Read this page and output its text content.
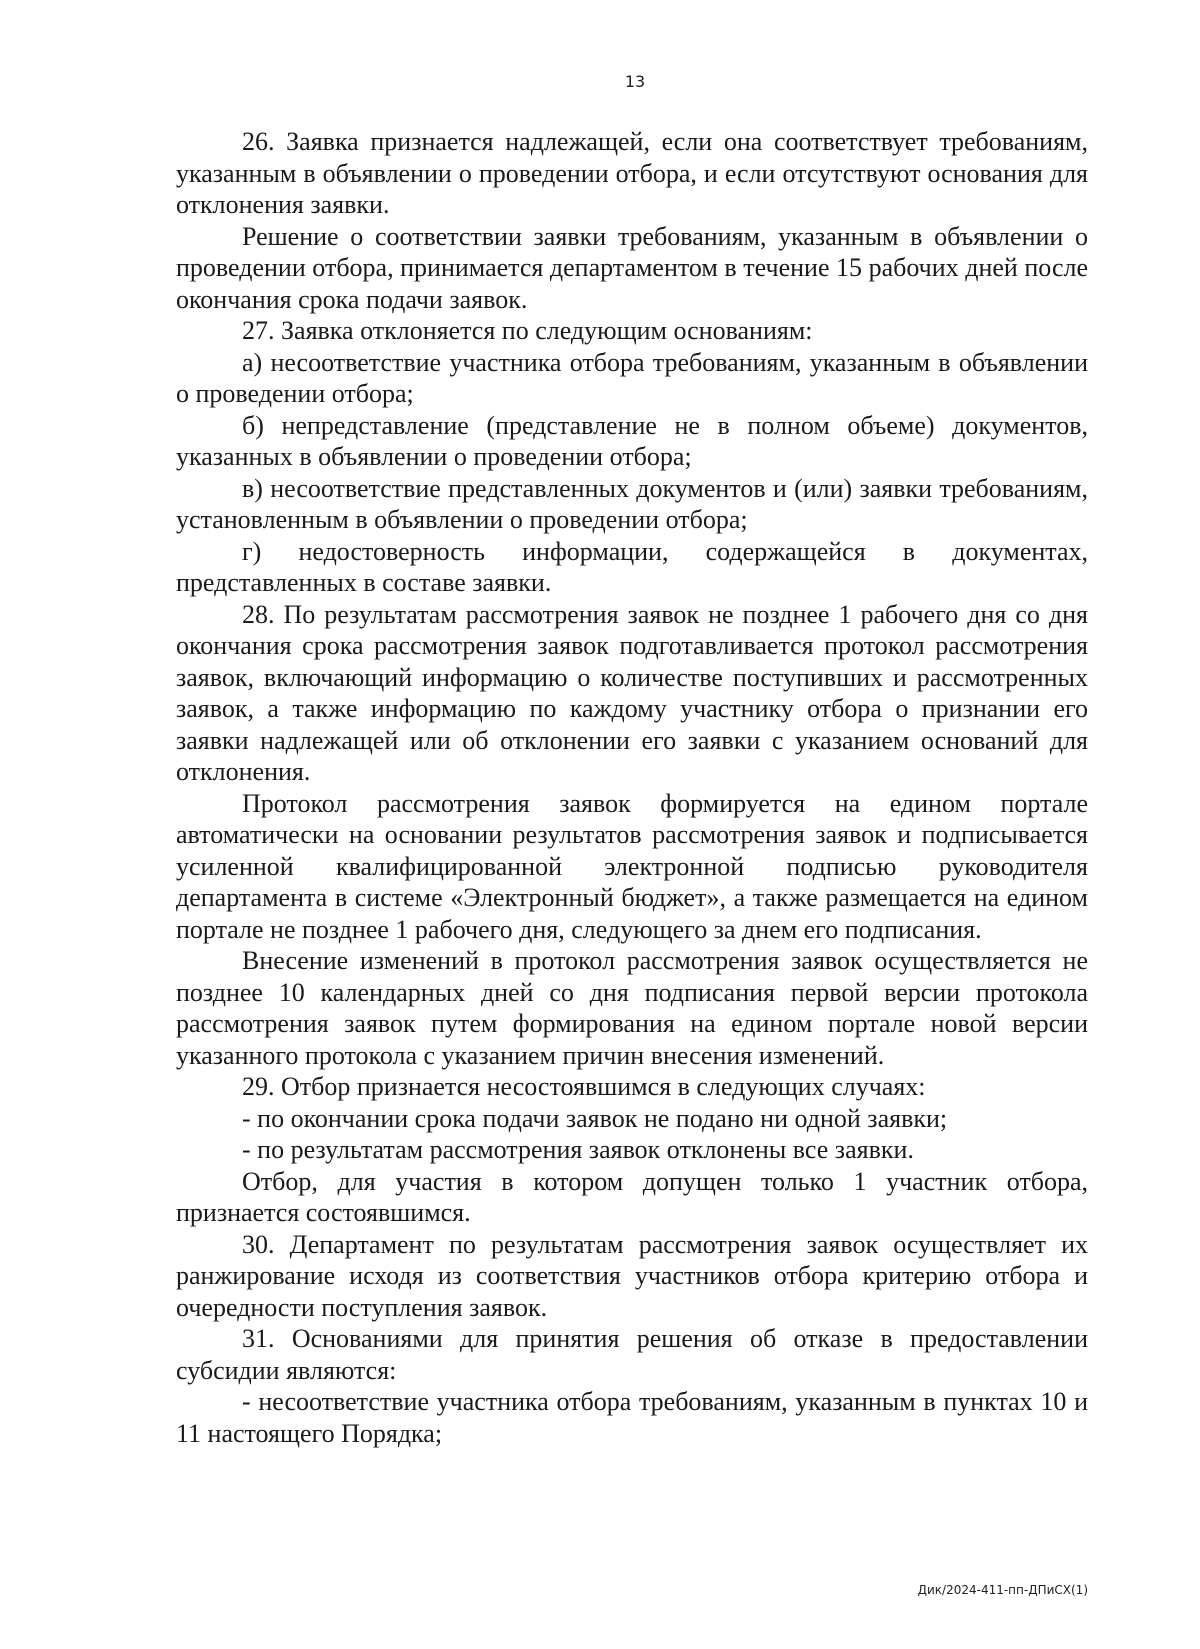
13

26. Заявка признается надлежащей, если она соответствует требованиям, указанным в объявлении о проведении отбора, и если отсутствуют основания для отклонения заявки.

Решение о соответствии заявки требованиям, указанным в объявлении о проведении отбора, принимается департаментом в течение 15 рабочих дней после окончания срока подачи заявок.

27. Заявка отклоняется по следующим основаниям:

а) несоответствие участника отбора требованиям, указанным в объявлении о проведении отбора;

б) непредставление (представление не в полном объеме) документов, указанных в объявлении о проведении отбора;

в) несоответствие представленных документов и (или) заявки требованиям, установленным в объявлении о проведении отбора;

г) недостоверность информации, содержащейся в документах, представленных в составе заявки.

28. По результатам рассмотрения заявок не позднее 1 рабочего дня со дня окончания срока рассмотрения заявок подготавливается протокол рассмотрения заявок, включающий информацию о количестве поступивших и рассмотренных заявок, а также информацию по каждому участнику отбора о признании его заявки надлежащей или об отклонении его заявки с указанием оснований для отклонения.

Протокол рассмотрения заявок формируется на едином портале автоматически на основании результатов рассмотрения заявок и подписывается усиленной квалифицированной электронной подписью руководителя департамента в системе «Электронный бюджет», а также размещается на едином портале не позднее 1 рабочего дня, следующего за днем его подписания.

Внесение изменений в протокол рассмотрения заявок осуществляется не позднее 10 календарных дней со дня подписания первой версии протокола рассмотрения заявок путем формирования на едином портале новой версии указанного протокола с указанием причин внесения изменений.

29. Отбор признается несостоявшимся в следующих случаях:

- по окончании срока подачи заявок не подано ни одной заявки;

- по результатам рассмотрения заявок отклонены все заявки.

Отбор, для участия в котором допущен только 1 участник отбора, признается состоявшимся.

30. Департамент по результатам рассмотрения заявок осуществляет их ранжирование исходя из соответствия участников отбора критерию отбора и очередности поступления заявок.

31. Основаниями для принятия решения об отказе в предоставлении субсидии являются:

- несоответствие участника отбора требованиям, указанным в пунктах 10 и 11 настоящего Порядка;

Дик/2024-411-пп-ДПиСХ(1)
